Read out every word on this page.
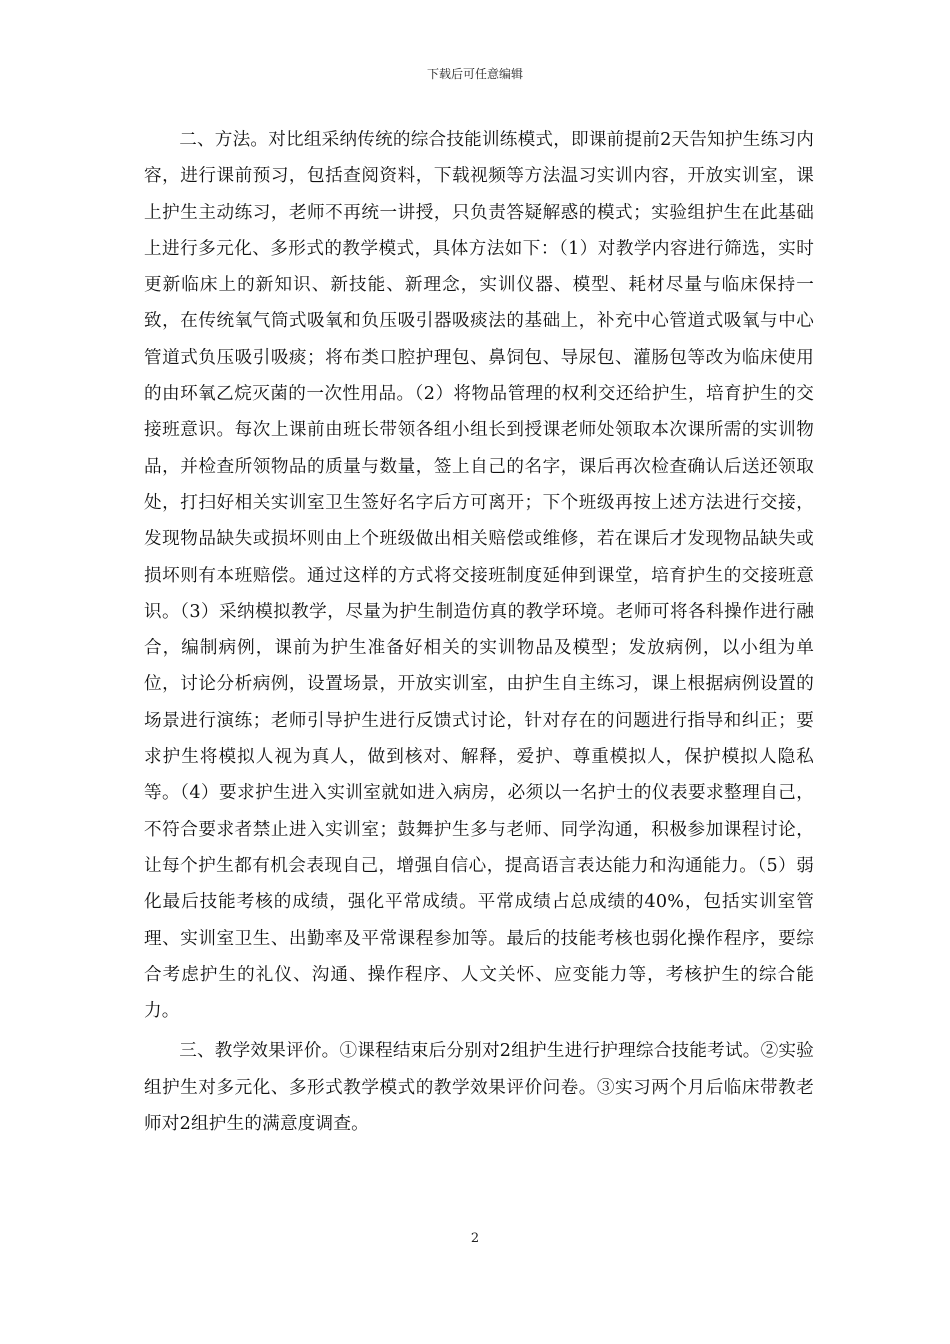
下载后可任意编辑

二、方法。对比组采纳传统的综合技能训练模式，即课前提前2天告知护生练习内容，进行课前预习，包括查阅资料，下载视频等方法温习实训内容，开放实训室，课上护生主动练习，老师不再统一讲授，只负责答疑解惑的模式；实验组护生在此基础上进行多元化、多形式的教学模式，具体方法如下：（1）对教学内容进行筛选，实时更新临床上的新知识、新技能、新理念，实训仪器、模型、耗材尽量与临床保持一致，在传统氧气筒式吸氧和负压吸引器吸痰法的基础上，补充中心管道式吸氧与中心管道式负压吸引吸痰；将布类口腔护理包、鼻饲包、导尿包、灌肠包等改为临床使用的由环氧乙烷灭菌的一次性用品。（2）将物品管理的权利交还给护生，培育护生的交接班意识。每次上课前由班长带领各组小组长到授课老师处领取本次课所需的实训物品，并检查所领物品的质量与数量，签上自己的名字，课后再次检查确认后送还领取处，打扫好相关实训室卫生签好名字后方可离开；下个班级再按上述方法进行交接，发现物品缺失或损坏则由上个班级做出相关赔偿或维修，若在课后才发现物品缺失或损坏则有本班赔偿。通过这样的方式将交接班制度延伸到课堂，培育护生的交接班意识。（3）采纳模拟教学，尽量为护生制造仿真的教学环境。老师可将各科操作进行融合，编制病例，课前为护生准备好相关的实训物品及模型；发放病例，以小组为单位，讨论分析病例，设置场景，开放实训室，由护生自主练习，课上根据病例设置的场景进行演练；老师引导护生进行反馈式讨论，针对存在的问题进行指导和纠正；要求护生将模拟人视为真人，做到核对、解释，爱护、尊重模拟人，保护模拟人隐私等。（4）要求护生进入实训室就如进入病房，必须以一名护士的仪表要求整理自己，不符合要求者禁止进入实训室；鼓舞护生多与老师、同学沟通，积极参加课程讨论，让每个护生都有机会表现自己，增强自信心，提高语言表达能力和沟通能力。（5）弱化最后技能考核的成绩，强化平常成绩。平常成绩占总成绩的40%，包括实训室管理、实训室卫生、出勤率及平常课程参加等。最后的技能考核也弱化操作程序，要综合考虑护生的礼仪、沟通、操作程序、人文关怀、应变能力等，考核护生的综合能力。

三、教学效果评价。①课程结束后分别对2组护生进行护理综合技能考试。②实验组护生对多元化、多形式教学模式的教学效果评价问卷。③实习两个月后临床带教老师对2组护生的满意度调查。

2
